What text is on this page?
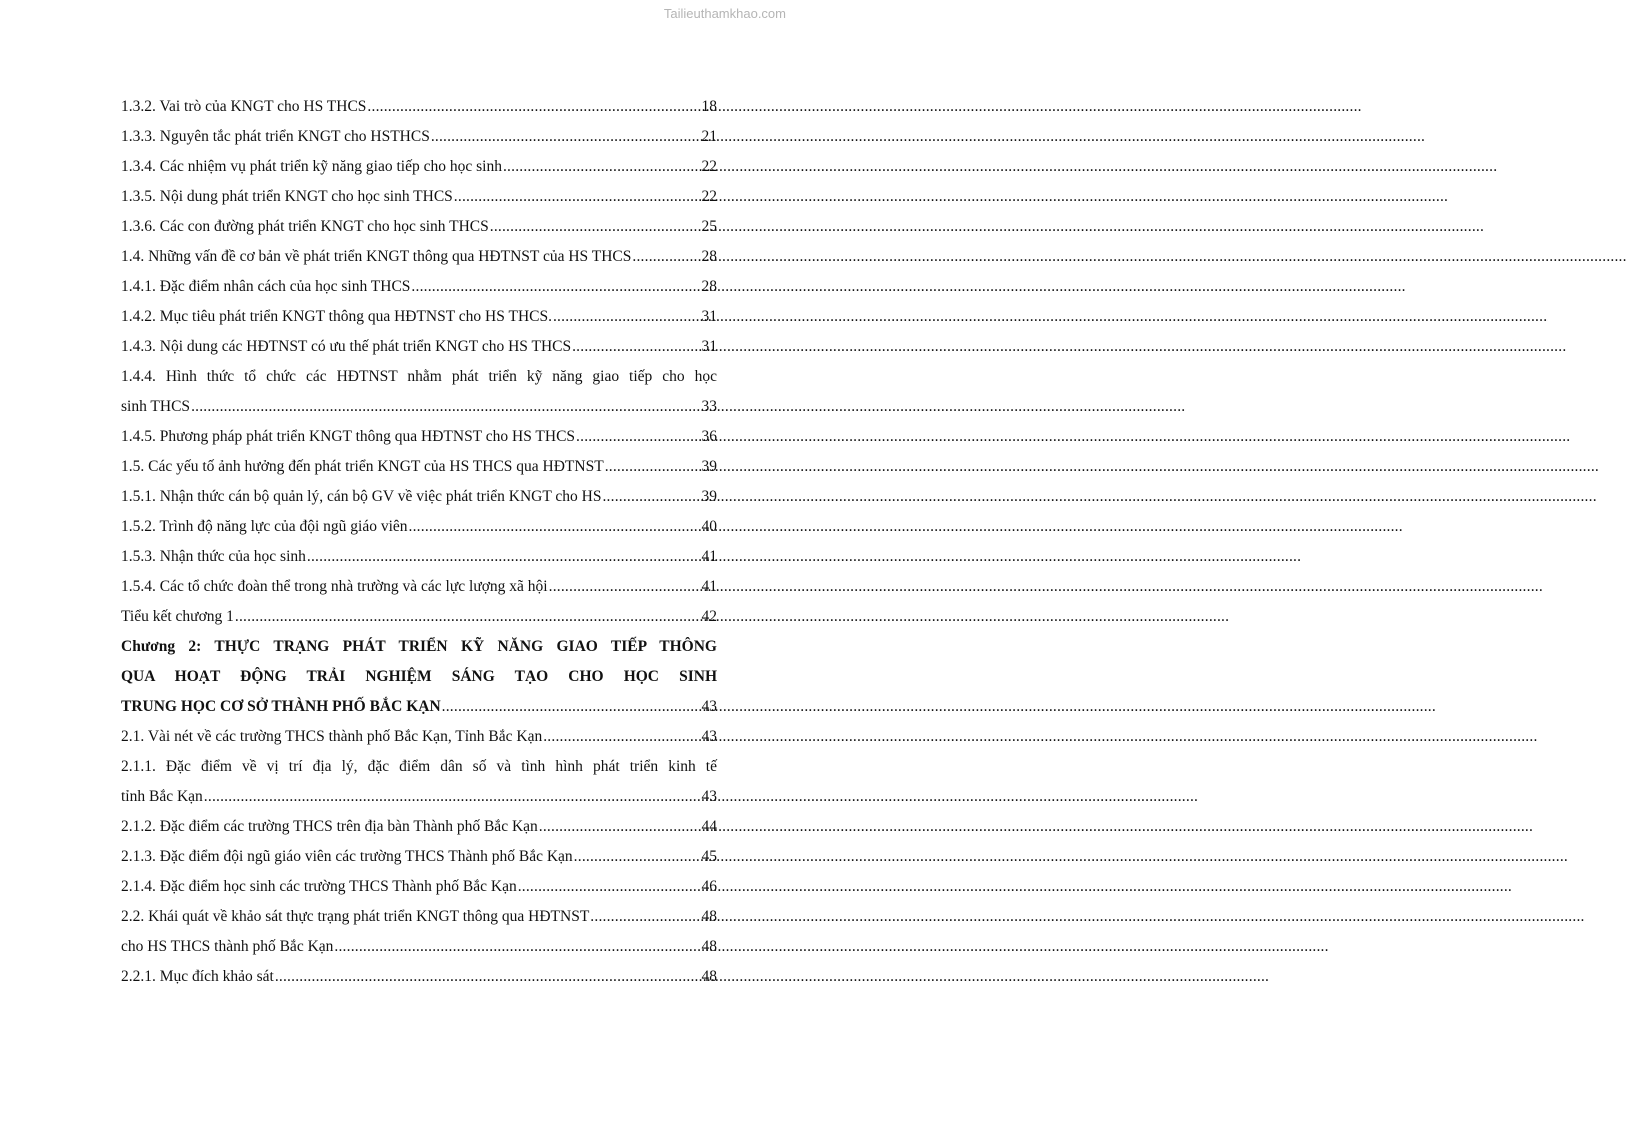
Tailieuthamkhao.com
1.3.2. Vai trò của KNGT cho HS THCS .....	18
1.3.3. Nguyên tắc phát triển KNGT cho HSTHCS .....	21
1.3.4. Các nhiệm vụ phát triển kỹ năng giao tiếp cho học sinh .....	22
1.3.5. Nội dung phát triển KNGT cho học sinh THCS .....	22
1.3.6. Các con đường phát triển KNGT cho học sinh THCS .....	25
1.4. Những vấn đề cơ bản về phát triển KNGT thông qua HĐTNST của HS THCS .....	28
1.4.1. Đặc điểm nhân cách của học sinh THCS .....	28
1.4.2. Mục tiêu phát triển KNGT thông qua HĐTNST cho HS THCS. .....	31
1.4.3. Nội dung các HĐTNST có ưu thế phát triển KNGT cho HS THCS .....	31
1.4.4. Hình thức tổ chức các HĐTNST nhằm phát triển kỹ năng giao tiếp cho học
sinh THCS .....	33
1.4.5. Phương pháp phát triển KNGT thông qua HĐTNST cho HS THCS .....	36
1.5. Các yếu tố ảnh hưởng đến phát triển KNGT của HS THCS qua HĐTNST .....	39
1.5.1. Nhận thức cán bộ quản lý, cán bộ GV về việc phát triển KNGT cho HS .....	39
1.5.2. Trình độ năng lực của đội ngũ giáo viên .....	40
1.5.3. Nhận thức của học sinh .....	41
1.5.4. Các tổ chức đoàn thể trong nhà trường và các lực lượng xã hội .....	41
Tiểu kết chương 1 .....	42
Chương 2: THỰC TRẠNG PHÁT TRIỂN KỸ NĂNG GIAO TIẾP THÔNG
QUA HOẠT ĐỘNG TRẢI NGHIỆM SÁNG TẠO CHO HỌC SINH
TRUNG HỌC CƠ SỞ THÀNH PHỐ BẮC KẠN .....	43
2.1. Vài nét về các trường THCS thành phố Bắc Kạn, Tỉnh Bắc Kạn .....	43
2.1.1. Đặc điểm về vị trí địa lý, đặc điểm dân số và tình hình phát triển kinh tế
tỉnh Bắc Kạn .....	43
2.1.2. Đặc điểm các trường THCS trên địa bàn Thành phố Bắc Kạn .....	44
2.1.3. Đặc điểm đội ngũ giáo viên các trường THCS Thành phố Bắc Kạn .....	45
2.1.4. Đặc điểm học sinh các trường THCS Thành phố Bắc Kạn .....	46
2.2. Khái quát về khảo sát thực trạng phát triển KNGT thông qua HĐTNST .....	48
cho HS THCS thành phố Bắc Kạn .....	48
2.2.1. Mục đích khảo sát .....	48
